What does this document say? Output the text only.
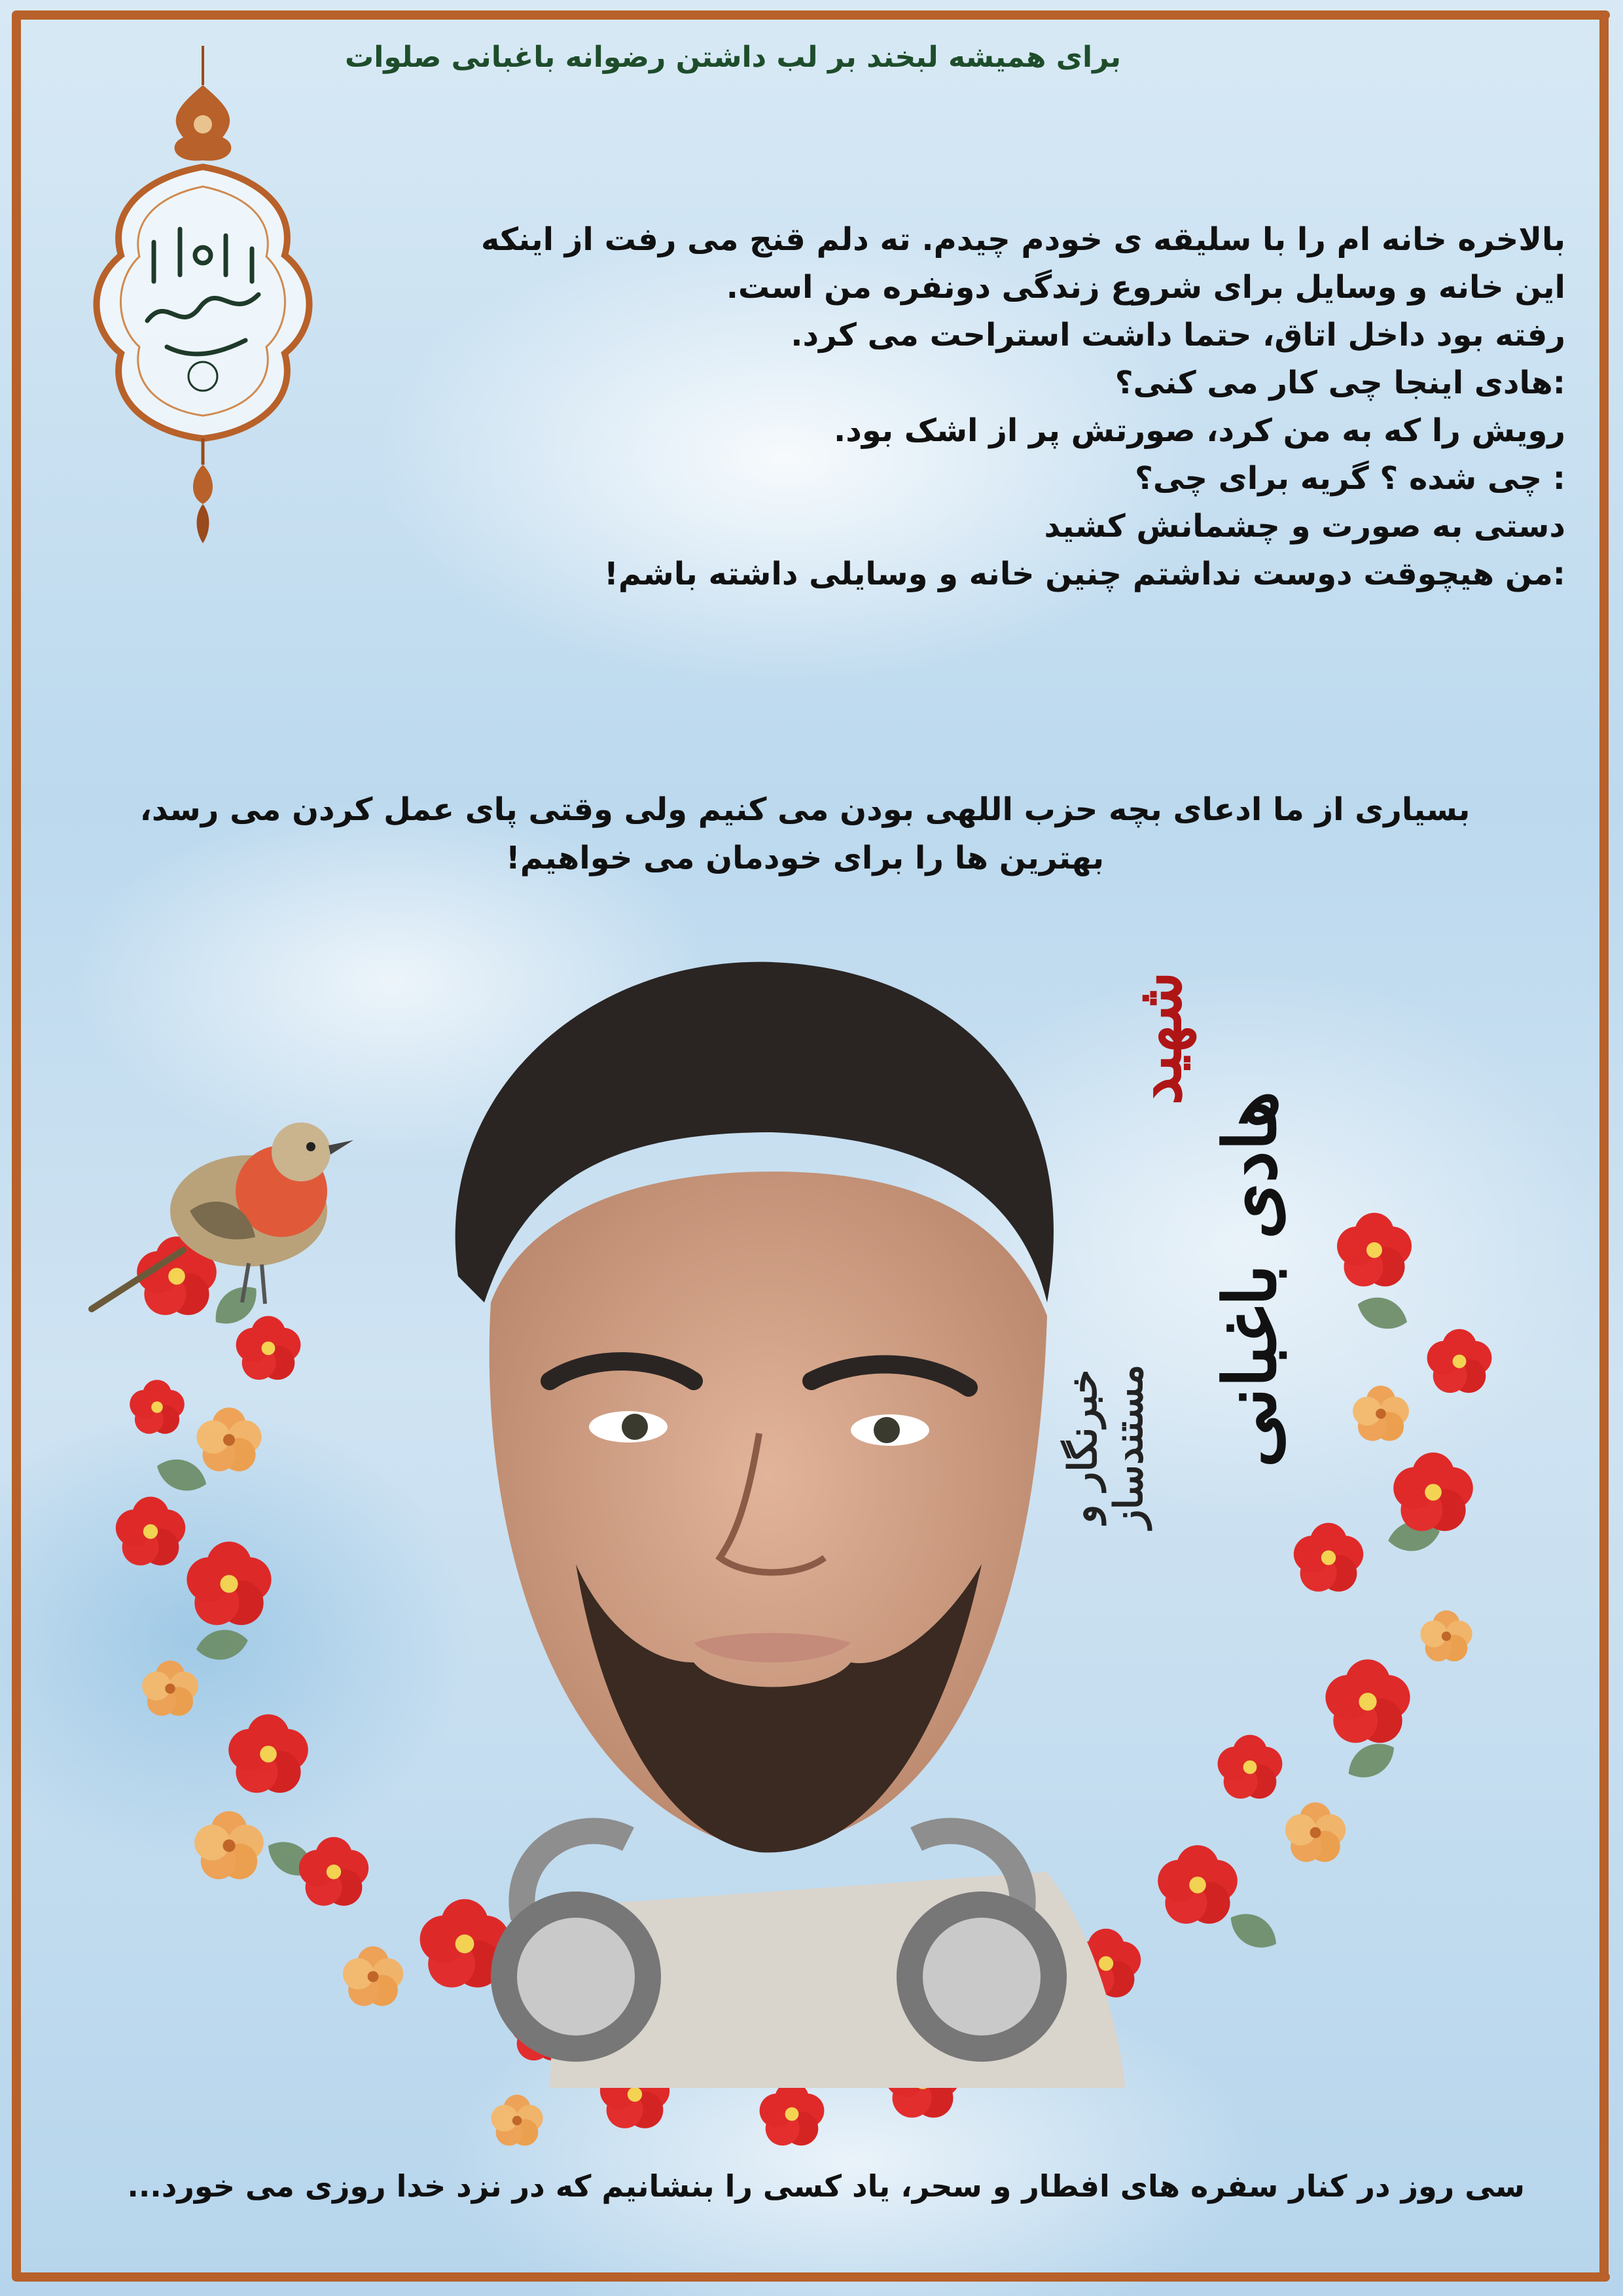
برای همیشه لبخند بر لب داشتن رضوانه باغبانی صلوات
بالاخره خانه ام را با سلیقه ی خودم چیدم. ته دلم قنج می رفت از اینکه
این خانه و وسایل برای شروع زندگی دونفره من است.
رفته بود داخل اتاق، حتما داشت استراحت می کرد.
:هادی اینجا چی کار می کنی؟
رویش را که به من کرد، صورتش پر از اشک بود.
: چی شده ؟ گریه برای چی؟
دستی به صورت و چشمانش کشید
:من هیچوقت دوست نداشتم چنین خانه و وسایلی داشته باشم!
بسیاری از ما ادعای بچه حزب اللهی بودن می کنیم ولی وقتی پای عمل کردن می رسد،
بهترین ها را برای خودمان می خواهیم!
شهید
هادی باغبانی
خبرنگار و مستندساز
سی روز در کنار سفره های افطار و سحر، یاد کسی را بنشانیم که در نزد خدا روزی می خورد...
